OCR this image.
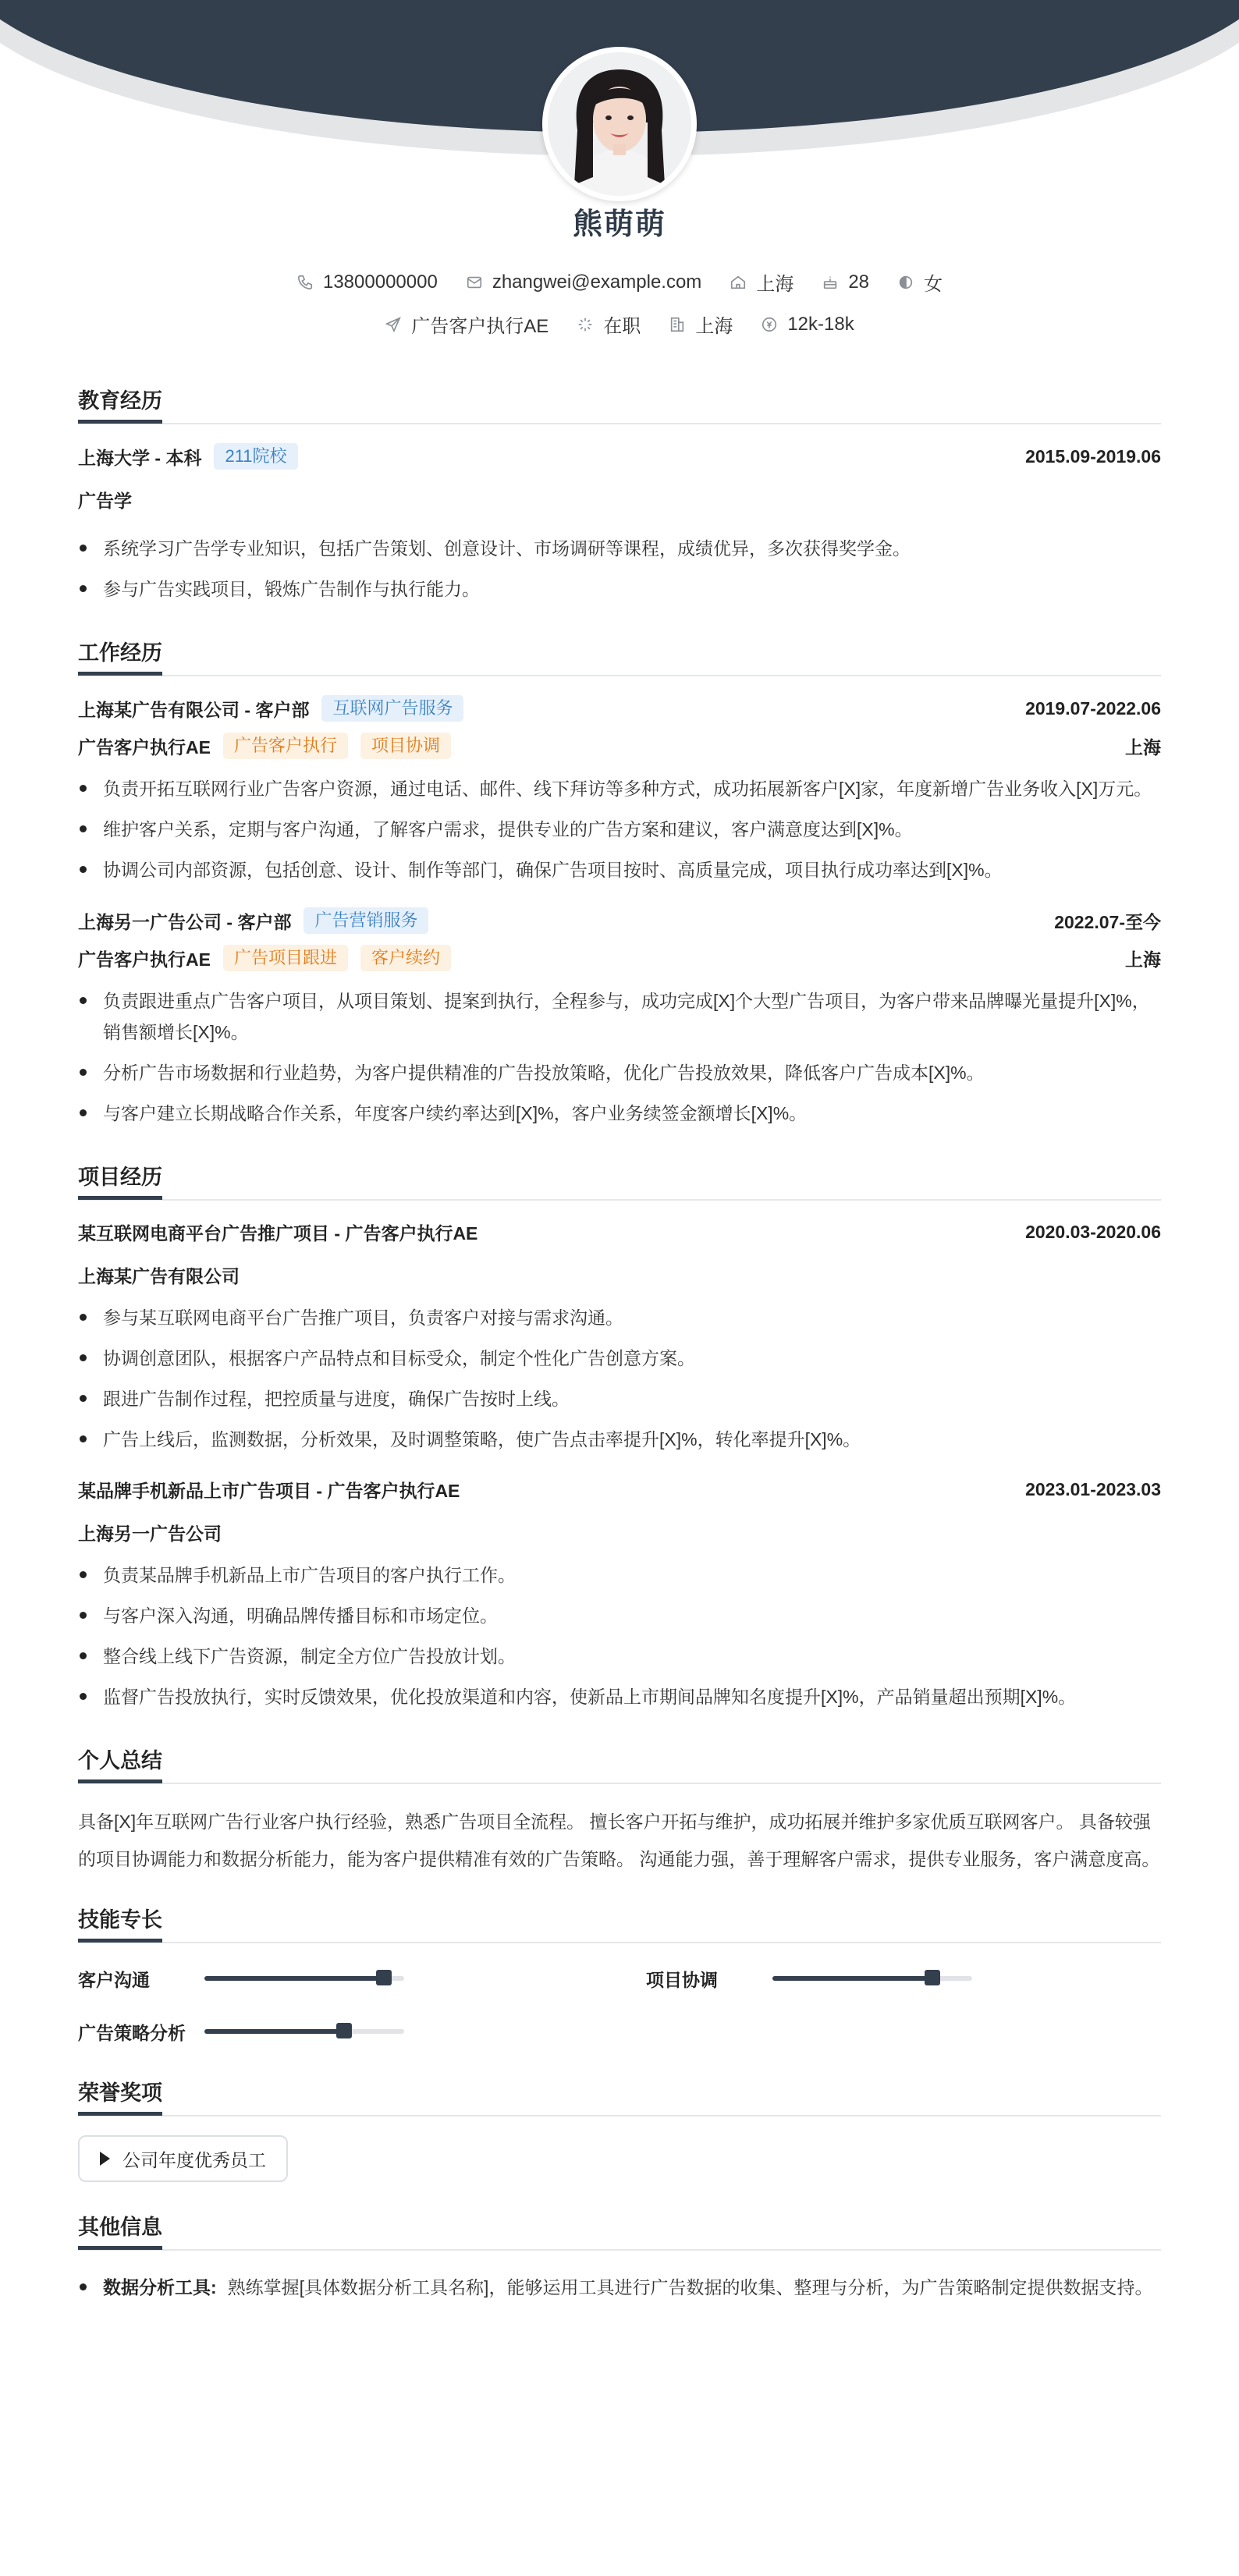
熊萌萌
13800000000	zhangwei@example.com	上海	28	女
广告客户执行AE	在职	上海	12k-18k
教育经历
上海大学 - 本科	211院校	2015.09-2019.06
广告学
系统学习广告学专业知识，包括广告策划、创意设计、市场调研等课程，成绩优异，多次获得奖学金。
参与广告实践项目，锻炼广告制作与执行能力。
工作经历
上海某广告有限公司 - 客户部	互联网广告服务	2019.07-2022.06
广告客户执行AE	广告客户执行	项目协调	上海
负责开拓互联网行业广告客户资源，通过电话、邮件、线下拜访等多种方式，成功拓展新客户[X]家，年度新增广告业务收入[X]万元。
维护客户关系，定期与客户沟通，了解客户需求，提供专业的广告方案和建议，客户满意度达到[X]%。
协调公司内部资源，包括创意、设计、制作等部门，确保广告项目按时、高质量完成，项目执行成功率达到[X]%。
上海另一广告公司 - 客户部	广告营销服务	2022.07-至今
广告客户执行AE	广告项目跟进	客户续约	上海
负责跟进重点广告客户项目，从项目策划、提案到执行，全程参与，成功完成[X]个大型广告项目，为客户带来品牌曝光量提升[X]%，销售额增长[X]%。
分析广告市场数据和行业趋势，为客户提供精准的广告投放策略，优化广告投放效果，降低客户广告成本[X]%。
与客户建立长期战略合作关系，年度客户续约率达到[X]%，客户业务续签金额增长[X]%。
项目经历
某互联网电商平台广告推广项目 - 广告客户执行AE	2020.03-2020.06
上海某广告有限公司
参与某互联网电商平台广告推广项目，负责客户对接与需求沟通。
协调创意团队，根据客户产品特点和目标受众，制定个性化广告创意方案。
跟进广告制作过程，把控质量与进度，确保广告按时上线。
广告上线后，监测数据，分析效果，及时调整策略，使广告点击率提升[X]%，转化率提升[X]%。
某品牌手机新品上市广告项目 - 广告客户执行AE	2023.01-2023.03
上海另一广告公司
负责某品牌手机新品上市广告项目的客户执行工作。
与客户深入沟通，明确品牌传播目标和市场定位。
整合线上线下广告资源，制定全方位广告投放计划。
监督广告投放执行，实时反馈效果，优化投放渠道和内容，使新品上市期间品牌知名度提升[X]%，产品销量超出预期[X]%。
个人总结
具备[X]年互联网广告行业客户执行经验，熟悉广告项目全流程。 擅长客户开拓与维护，成功拓展并维护多家优质互联网客户。 具备较强的项目协调能力和数据分析能力，能为客户提供精准有效的广告策略。 沟通能力强，善于理解客户需求，提供专业服务，客户满意度高。
技能专长
客户沟通	项目协调
广告策略分析
荣誉奖项
公司年度优秀员工
其他信息
数据分析工具: 熟练掌握[具体数据分析工具名称]，能够运用工具进行广告数据的收集、整理与分析，为广告策略制定提供数据支持。
